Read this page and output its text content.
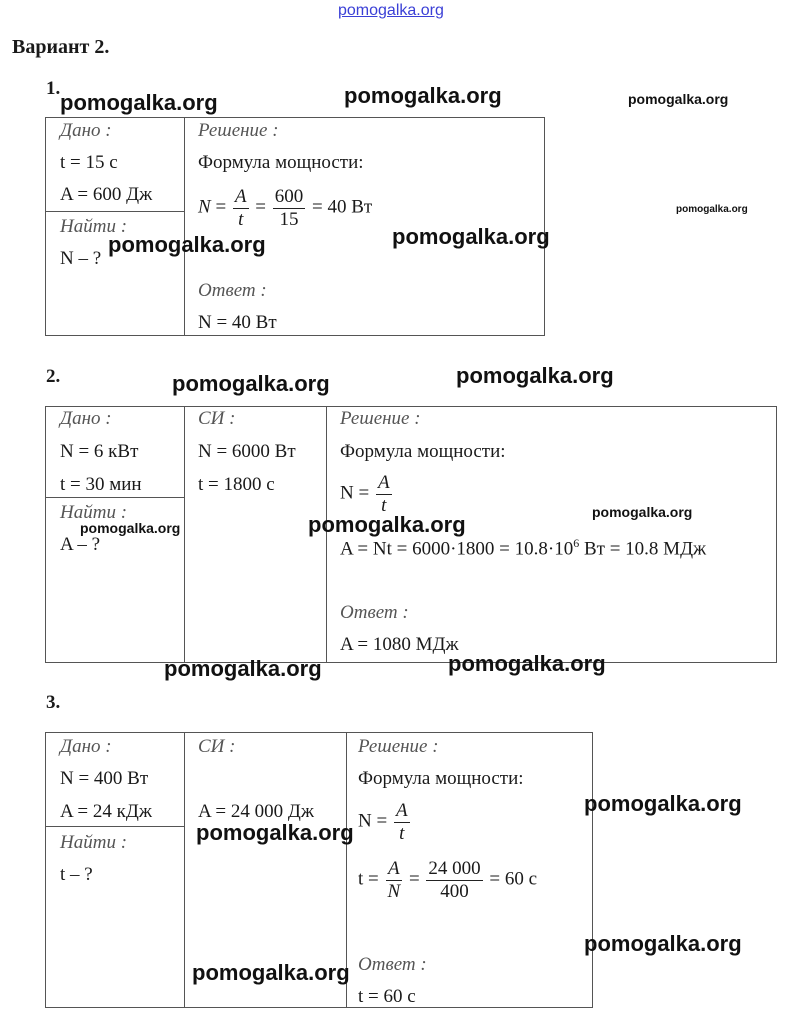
pomogalka.org
Вариант 2.
1.
Дано :
t = 15 с
A = 600 Дж
Найти :
N – ?
Решение :
Формула мощности:
$N = \frac{A}{t} = \frac{600}{15} = 40$ Вт
Ответ :
N = 40 Вт
2.
Дано :
N = 6 кВт
t = 30 мин
Найти :
A – ?
СИ :
N = 6000 Вт
t = 1800 с
Решение :
Формула мощности:
$N = \frac{A}{t}$
$A = Nt = 6000\cdot 1800 = 10.8\cdot 10^6$ Вт = 10.8 МДж
Ответ :
A = 1080 МДж
3.
Дано :
N = 400 Вт
A = 24 кДж
Найти :
t – ?
СИ :
A = 24 000 Дж
Решение :
Формула мощности:
$N = \frac{A}{t}$
$t = \frac{A}{N} = \frac{24 000}{400} = 60$ с
Ответ :
t = 60 с
pomogalka.org	pomogalka.org	pomogalka.org
pomogalka.org
pomogalka.org	pomogalka.org
pomogalka.org	pomogalka.org
pomogalka.org	pomogalka.org	pomogalka.org
pomogalka.org	pomogalka.org
pomogalka.org
pomogalka.org
pomogalka.org
pomogalka.org
